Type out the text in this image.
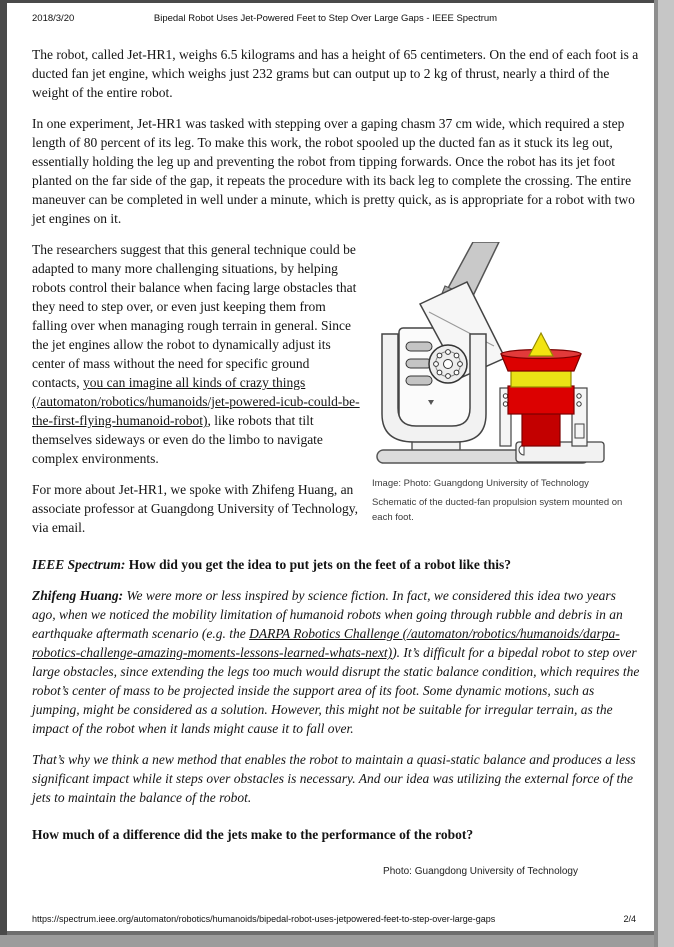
2018/3/20	Bipedal Robot Uses Jet-Powered Feet to Step Over Large Gaps - IEEE Spectrum

The robot, called Jet-HR1, weighs 6.5 kilograms and has a height of 65 centimeters. On the end of each foot is a ducted fan jet engine, which weighs just 232 grams but can output up to 2 kg of thrust, nearly a third of the weight of the entire robot.

In one experiment, Jet-HR1 was tasked with stepping over a gaping chasm 37 cm wide, which required a step length of 80 percent of its leg. To make this work, the robot spooled up the ducted fan as it stuck its leg out, essentially holding the leg up and preventing the robot from tipping forwards. Once the robot has its jet foot planted on the far side of the gap, it repeats the procedure with its back leg to complete the crossing. The entire maneuver can be completed in well under a minute, which is pretty quick, as is appropriate for a robot with two jet engines on it.

Image: Photo: Guangdong University of Technology
Schematic of the ducted-fan propulsion system mounted on each foot.

The researchers suggest that this general technique could be adapted to many more challenging situations, by helping robots control their balance when facing large obstacles that they need to step over, or even just keeping them from falling over when managing rough terrain in general. Since the jet engines allow the robot to dynamically adjust its center of mass without the need for specific ground contacts, you can imagine all kinds of crazy things (/automaton/robotics/humanoids/jet-powered-icub-could-be-the-first-flying-humanoid-robot), like robots that tilt themselves sideways or even do the limbo to navigate complex environments.

For more about Jet-HR1, we spoke with Zhifeng Huang, an associate professor at Guangdong University of Technology, via email.

IEEE Spectrum: How did you get the idea to put jets on the feet of a robot like this?

Zhifeng Huang: We were more or less inspired by science fiction. In fact, we considered this idea two years ago, when we noticed the mobility limitation of humanoid robots when going through rubble and debris in an earthquake aftermath scenario (e.g. the DARPA Robotics Challenge (/automaton/robotics/humanoids/darpa-robotics-challenge-amazing-moments-lessons-learned-whats-next)). It’s difficult for a bipedal robot to step over large obstacles, since extending the legs too much would disrupt the static balance condition, which requires the robot’s center of mass to be projected inside the support area of its foot. Some dynamic motions, such as jumping, might be considered as a solution. However, this might not be suitable for irregular terrain, as the impact of the robot when it lands might cause it to fall over.

That’s why we think a new method that enables the robot to maintain a quasi-static balance and produces a less significant impact while it steps over obstacles is necessary. And our idea was utilizing the external force of the jets to maintain the balance of the robot.

How much of a difference did the jets make to the performance of the robot?

Photo: Guangdong University of Technology

https://spectrum.ieee.org/automaton/robotics/humanoids/bipedal-robot-uses-jetpowered-feet-to-step-over-large-gaps	2/4
